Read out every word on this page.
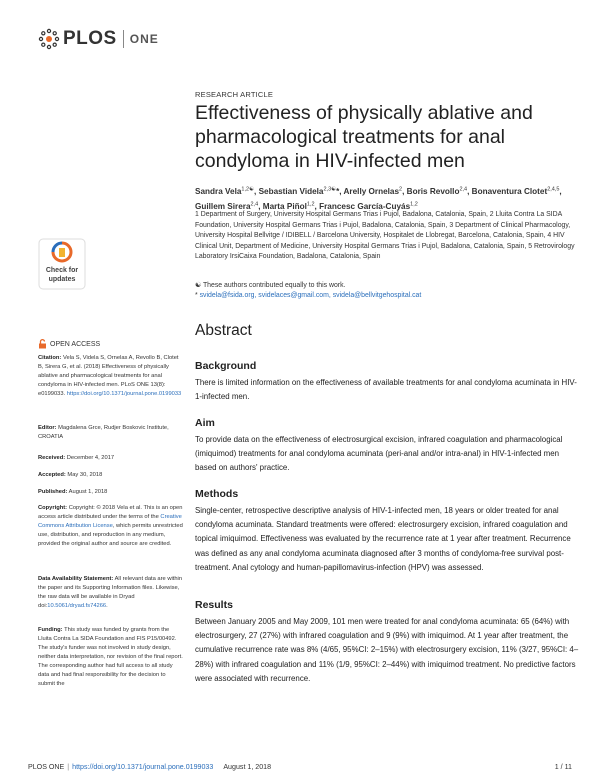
PLOS ONE
RESEARCH ARTICLE
Effectiveness of physically ablative and pharmacological treatments for anal condyloma in HIV-infected men
Sandra Vela$^{1,2☯}$, Sebastian Videla$^{2,3☯}$*, Arelly Ornelas$^2$, Boris Revollo$^{2,4}$, Bonaventura Clotet$^{2,4,5}$, Guillem Sirera$^{2,4}$, Marta Piñol$^{1,2}$, Francesc García-Cuyás$^{1,2}$
1 Department of Surgery, University Hospital Germans Trias i Pujol, Badalona, Catalonia, Spain, 2 Lluita Contra La SIDA Foundation, University Hospital Germans Trias i Pujol, Badalona, Catalonia, Spain, 3 Department of Clinical Pharmacology, University Hospital Bellvitge / IDIBELL / Barcelona University, Hospitalet de Llobregat, Barcelona, Catalonia, Spain, 4 HIV Clinical Unit, Department of Medicine, University Hospital Germans Trias i Pujol, Badalona, Catalonia, Spain, 5 Retrovirology Laboratory IrsiCaixa Foundation, Badalona, Catalonia, Spain
☯ These authors contributed equally to this work.
* svidela@fsida.org, svidelaces@gmail.com, svidela@bellvitgehospital.cat
Abstract
Background
There is limited information on the effectiveness of available treatments for anal condyloma acuminata in HIV-1-infected men.
Aim
To provide data on the effectiveness of electrosurgical excision, infrared coagulation and pharmacological (imiquimod) treatments for anal condyloma acuminata (peri-anal and/or intra-anal) in HIV-1-infected men based on authors' practice.
Methods
Single-center, retrospective descriptive analysis of HIV-1-infected men, 18 years or older treated for anal condyloma acuminata. Standard treatments were offered: electrosurgery excision, infrared coagulation and topical imiquimod. Effectiveness was evaluated by the recurrence rate at 1 year after treatment. Recurrence was defined as any anal condyloma acuminata diagnosed after 3 months of condyloma-free survival post-treatment. Anal cytology and human-papillomavirus-infection (HPV) was assessed.
Results
Between January 2005 and May 2009, 101 men were treated for anal condyloma acuminata: 65 (64%) with electrosurgery, 27 (27%) with infrared coagulation and 9 (9%) with imiquimod. At 1 year after treatment, the cumulative recurrence rate was 8% (4/65, 95%CI: 2–15%) with electrosurgery excision, 11% (3/27, 95%CI: 4–28%) with infrared coagulation and 11% (1/9, 95%CI: 2–44%) with imiquimod treatment. No predictive factors were associated with recurrence.
Check for updates
OPEN ACCESS
Citation: Vela S, Videla S, Ornelas A, Revollo B, Clotet B, Sirera G, et al. (2018) Effectiveness of physically ablative and pharmacological treatments for anal condyloma in HIV-infected men. PLoS ONE 13(8): e0199033. https://doi.org/10.1371/journal.pone.0199033
Editor: Magdalena Grce, Rudjer Boskovic Institute, CROATIA
Received: December 4, 2017
Accepted: May 30, 2018
Published: August 1, 2018
Copyright: Copyright: © 2018 Vela et al. This is an open access article distributed under the terms of the Creative Commons Attribution License, which permits unrestricted use, distribution, and reproduction in any medium, provided the original author and source are credited.
Data Availability Statement: All relevant data are within the paper and its Supporting Information files. Likewise, the raw data will be available in Dryad doi:10.5061/dryad.fs74266.
Funding: This study was funded by grants from the Lluita Contra La SIDA Foundation and FIS P15/00492. The study's funder was not involved in study design, neither data interpretation, nor revision of the final report. The corresponding author had full access to all study data and had final responsibility for the decision to submit the
PLOS ONE | https://doi.org/10.1371/journal.pone.0199033 August 1, 2018	1 / 11
